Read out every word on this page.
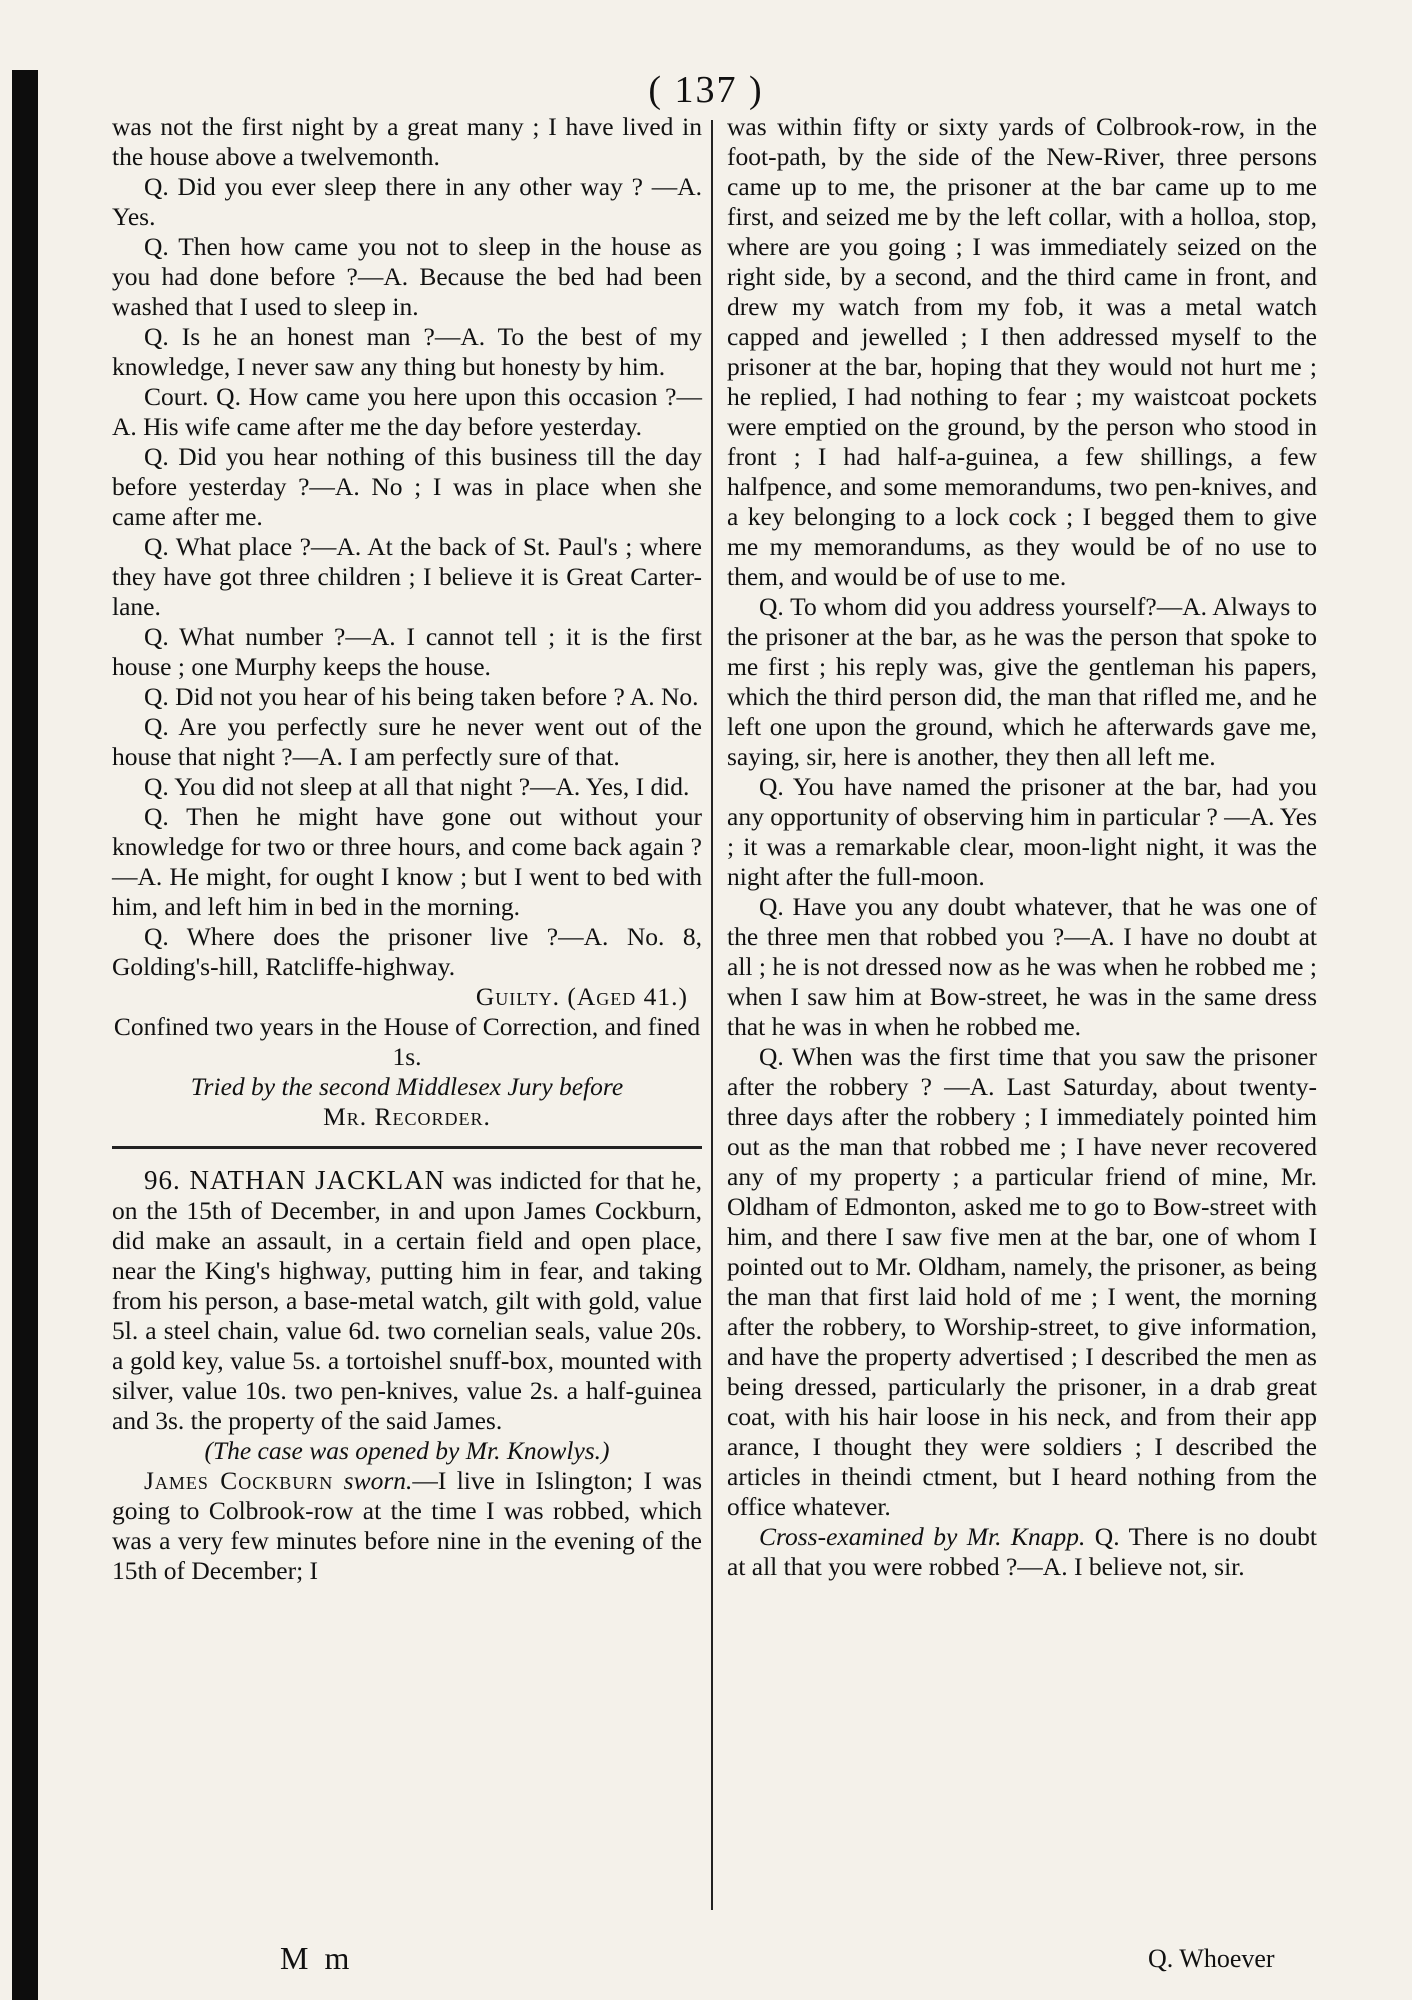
( 137 )

was not the first night by a great many ; I have lived in the house above a twelvemonth.

Q. Did you ever sleep there in any other way ? —A. Yes.

Q. Then how came you not to sleep in the house as you had done before ?—A. Because the bed had been washed that I used to sleep in.

Q. Is he an honest man ?—A. To the best of my knowledge, I never saw any thing but honesty by him.

Court. Q. How came you here upon this occasion ?—A. His wife came after me the day before yesterday.

Q. Did you hear nothing of this business till the day before yesterday ?—A. No ; I was in place when she came after me.

Q. What place ?—A. At the back of St. Paul's ; where they have got three children ; I believe it is Great Carter-lane.

Q. What number ?—A. I cannot tell ; it is the first house ; one Murphy keeps the house.

Q. Did not you hear of his being taken before ? A. No.

Q. Are you perfectly sure he never went out of the house that night ?—A. I am perfectly sure of that.

Q. You did not sleep at all that night ?—A. Yes, I did.

Q. Then he might have gone out without your knowledge for two or three hours, and come back again ?—A. He might, for ought I know ; but I went to bed with him, and left him in bed in the morning.

Q. Where does the prisoner live ?—A. No. 8, Golding's-hill, Ratcliffe-highway.

Guilty. (Aged 41.)

Confined two years in the House of Correction, and fined 1s.

Tried by the second Middlesex Jury before

Mr. Recorder.

96. NATHAN JACKLAN was indicted for that he, on the 15th of December, in and upon James Cockburn, did make an assault, in a certain field and open place, near the King's highway, putting him in fear, and taking from his person, a base-metal watch, gilt with gold, value 5l. a steel chain, value 6d. two cornelian seals, value 20s. a gold key, value 5s. a tortoishel snuff-box, mounted with silver, value 10s. two pen-knives, value 2s. a half-guinea and 3s. the property of the said James.

(The case was opened by Mr. Knowlys.)

James Cockburn sworn.—I live in Islington; I was going to Colbrook-row at the time I was robbed, which was a very few minutes before nine in the evening of the 15th of December; I

was within fifty or sixty yards of Colbrook-row, in the foot-path, by the side of the New-River, three persons came up to me, the prisoner at the bar came up to me first, and seized me by the left collar, with a holloa, stop, where are you going ; I was immediately seized on the right side, by a second, and the third came in front, and drew my watch from my fob, it was a metal watch capped and jewelled ; I then addressed myself to the prisoner at the bar, hoping that they would not hurt me ; he replied, I had nothing to fear ; my waistcoat pockets were emptied on the ground, by the person who stood in front ; I had half-a-guinea, a few shillings, a few halfpence, and some memorandums, two pen-knives, and a key belonging to a lock cock ; I begged them to give me my memorandums, as they would be of no use to them, and would be of use to me.

Q. To whom did you address yourself?—A. Always to the prisoner at the bar, as he was the person that spoke to me first ; his reply was, give the gentleman his papers, which the third person did, the man that rifled me, and he left one upon the ground, which he afterwards gave me, saying, sir, here is another, they then all left me.

Q. You have named the prisoner at the bar, had you any opportunity of observing him in particular ? —A. Yes ; it was a remarkable clear, moon-light night, it was the night after the full-moon.

Q. Have you any doubt whatever, that he was one of the three men that robbed you ?—A. I have no doubt at all ; he is not dressed now as he was when he robbed me ; when I saw him at Bow-street, he was in the same dress that he was in when he robbed me.

Q. When was the first time that you saw the prisoner after the robbery ? —A. Last Saturday, about twenty-three days after the robbery ; I immediately pointed him out as the man that robbed me ; I have never recovered any of my property ; a particular friend of mine, Mr. Oldham of Edmonton, asked me to go to Bow-street with him, and there I saw five men at the bar, one of whom I pointed out to Mr. Oldham, namely, the prisoner, as being the man that first laid hold of me ; I went, the morning after the robbery, to Worship-street, to give information, and have the property advertised ; I described the men as being dressed, particularly the prisoner, in a drab great coat, with his hair loose in his neck, and from their app arance, I thought they were soldiers ; I described the articles in theindi ctment, but I heard nothing from the office whatever.

Cross-examined by Mr. Knapp. Q. There is no doubt at all that you were robbed ?—A. I believe not, sir.

M m	Q. Whoever
